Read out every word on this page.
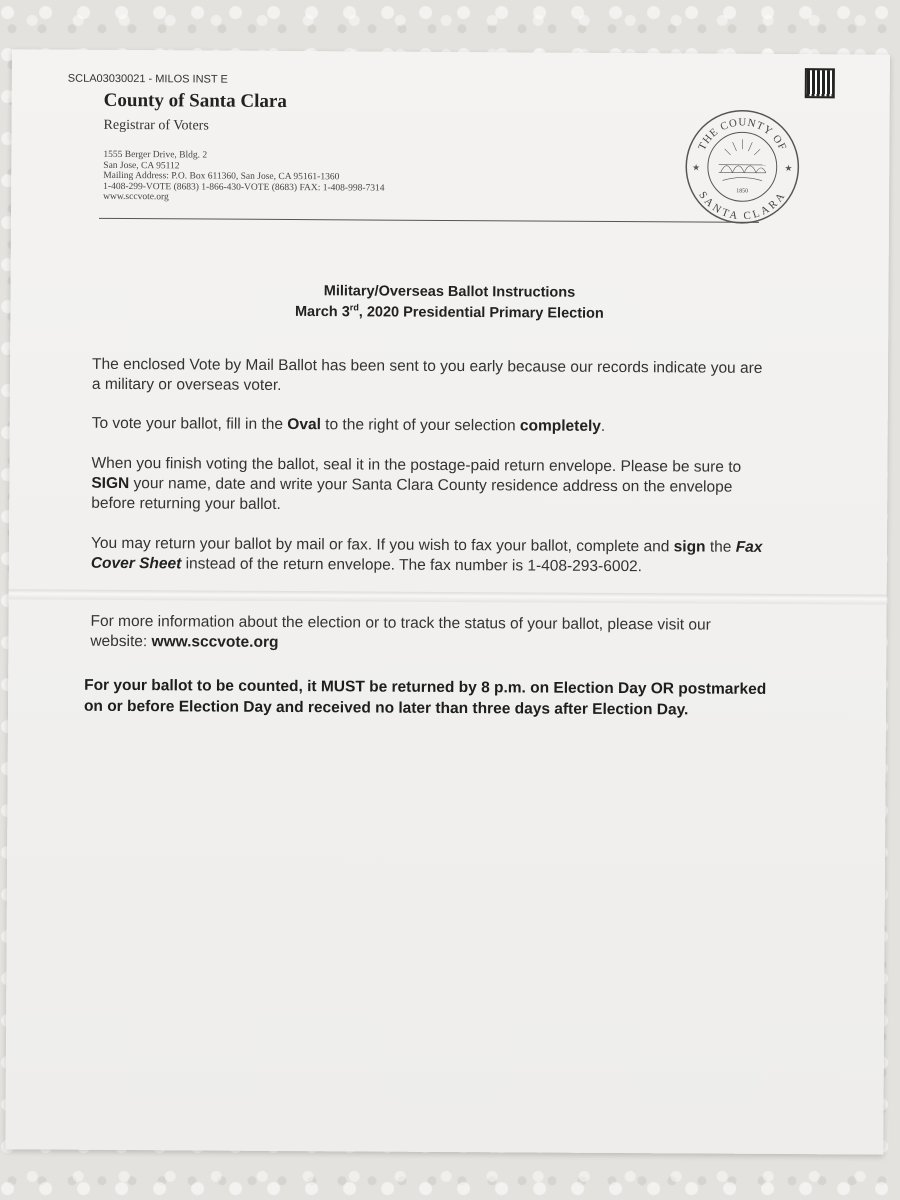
SCLA03030021 - MILOS INST E
County of Santa Clara
Registrar of Voters
1555 Berger Drive, Bldg. 2
San Jose, CA 95112
Mailing Address: P.O. Box 611360, San Jose, CA 95161-1360
1-408-299-VOTE (8683) 1-866-430-VOTE (8683) FAX: 1-408-998-7314
www.sccvote.org
THE COUNTY OF
SANTA CLARA
★	★
1850
Military/Overseas Ballot Instructions
March 3rd, 2020 Presidential Primary Election
The enclosed Vote by Mail Ballot has been sent to you early because our records indicate you are a military or overseas voter.
To vote your ballot, fill in the Oval to the right of your selection completely.
When you finish voting the ballot, seal it in the postage-paid return envelope. Please be sure to SIGN your name, date and write your Santa Clara County residence address on the envelope before returning your ballot.
You may return your ballot by mail or fax. If you wish to fax your ballot, complete and sign the Fax Cover Sheet instead of the return envelope. The fax number is 1-408-293-6002.
For more information about the election or to track the status of your ballot, please visit our website: www.sccvote.org
For your ballot to be counted, it MUST be returned by 8 p.m. on Election Day OR postmarked on or before Election Day and received no later than three days after Election Day.
